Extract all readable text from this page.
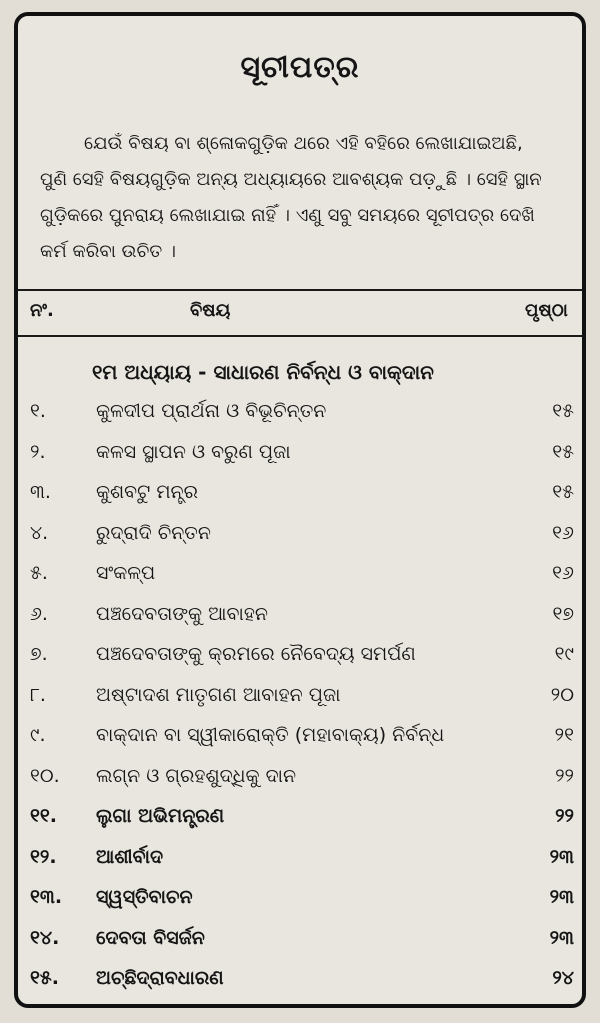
ସୂଚୀପତ୍ର
ଯେଉଁ ବିଷୟ ବା ଶ୍ଳୋକଗୁଡ଼ିକ ଥରେ ଏହି ବହିରେ ଲେଖାଯାଇଅଛି,
ପୁଣି ସେହି ବିଷୟଗୁଡ଼ିକ ଅନ୍ୟ ଅଧ୍ୟାୟରେ ଆବଶ୍ୟକ ପଡ଼ୁଛି । ସେହି ସ୍ଥାନ
ଗୁଡ଼ିକରେ ପୁନରାୟ ଲେଖାଯାଇ ନାହିଁ । ଏଣୁ ସବୁ ସମୟରେ ସୂଚୀପତ୍ର ଦେଖି
କର୍ମ କରିବା ଉଚିତ ।
ନଂ.	ବିଷୟ	ପୃଷ୍ଠା
୧ମ ଅଧ୍ୟାୟ - ସାଧାରଣ ନିର୍ବନ୍ଧ ଓ ବାକ୍‌ଦାନ
୧.	କୁଳଦୀପ ପ୍ରାର୍ଥନା ଓ ବିଭୂଚିନ୍ତନ	୧୫
୨.	କଳସ ସ୍ଥାପନ ଓ ବରୁଣ ପୂଜା	୧୫
୩. କୁଶବଟୁ ମନ୍ତ୍ର	୧୫
୪.	ରୁଦ୍ରାଦି ଚିନ୍ତନ	୧୬
୫.	ସଂକଳ୍ପ	୧୬
୬.	ପଞ୍ଚଦେବତାଙ୍କୁ ଆବାହନ	୧୭
୭.	ପଞ୍ଚଦେବତାଙ୍କୁ କ୍ରମରେ ନୈବେଦ୍ୟ ସମର୍ପଣ	୧୯
୮.	ଅଷ୍ଟାଦଶ ମାତୃଗଣ ଆବାହନ ପୂଜା	୨୦
୯.	ବାକ୍‌ଦାନ ବା ସ୍ୱୀକାରୋକ୍ତି (ମହାବାକ୍ୟ) ନିର୍ବନ୍ଧ	୨୧
୧୦. ଲଗ୍ନ ଓ ଗ୍ରହଶୁଦ୍ଧିକୁ ଦାନ	୨୨
୧୧. ଲୁଗା ଅଭିମନ୍ତ୍ରଣ	୨୨
୧୨. ଆଶୀର୍ବାଦ	୨୩
୧୩. ସ୍ୱସ୍ତିବାଚନ	୨୩
୧୪. ଦେବତା ବିସର୍ଜନ	୨୩
୧୫. ଅଚ୍ଛିଦ୍ରାବଧାରଣ	୨୪
